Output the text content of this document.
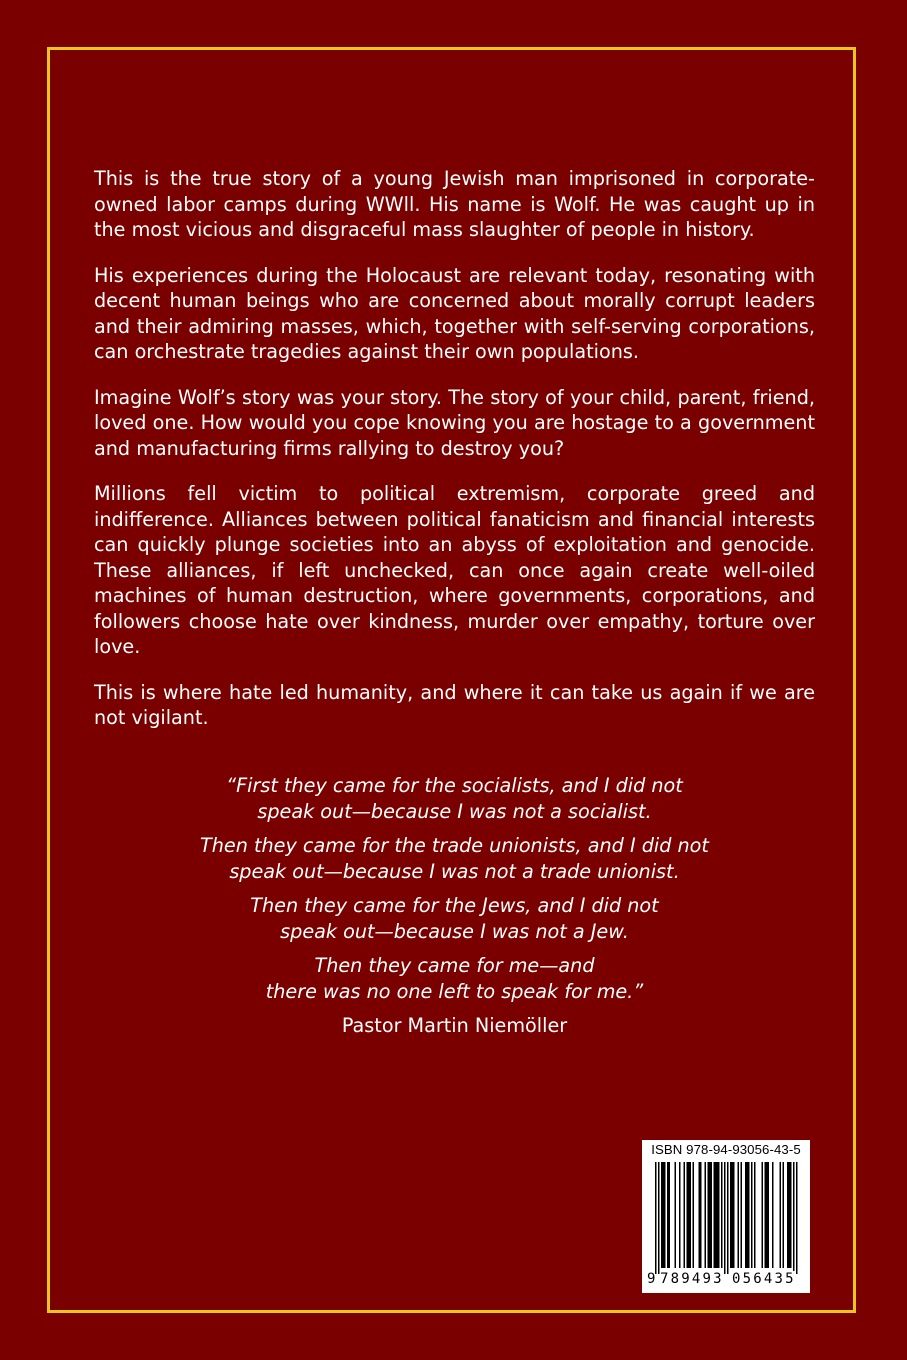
This is the true story of a young Jewish man imprisoned in corporate-owned labor camps during WWll. His name is Wolf. He was caught up in the most vicious and disgraceful mass slaughter of people in history.

His experiences during the Holocaust are relevant today, resonating with decent human beings who are concerned about morally corrupt leaders and their admiring masses, which, together with self-serving corporations, can orchestrate tragedies against their own populations.

Imagine Wolf’s story was your story. The story of your child, parent, friend, loved one. How would you cope knowing you are hostage to a government and manufacturing firms rallying to destroy you?

Millions fell victim to political extremism, corporate greed and indifference. Alliances between political fanaticism and financial interests can quickly plunge societies into an abyss of exploitation and genocide. These alliances, if left unchecked, can once again create well-oiled machines of human destruction, where governments, corporations, and followers choose hate over kindness, murder over empathy, torture over love.

This is where hate led humanity, and where it can take us again if we are not vigilant.

“First they came for the socialists, and I did not
speak out—because I was not a socialist.
Then they came for the trade unionists, and I did not
speak out—because I was not a trade unionist.
Then they came for the Jews, and I did not
speak out—because I was not a Jew.
Then they came for me—and
there was no one left to speak for me.”
Pastor Martin Niemöller
ISBN 978-94-93056-43-5
9 789493 056435
